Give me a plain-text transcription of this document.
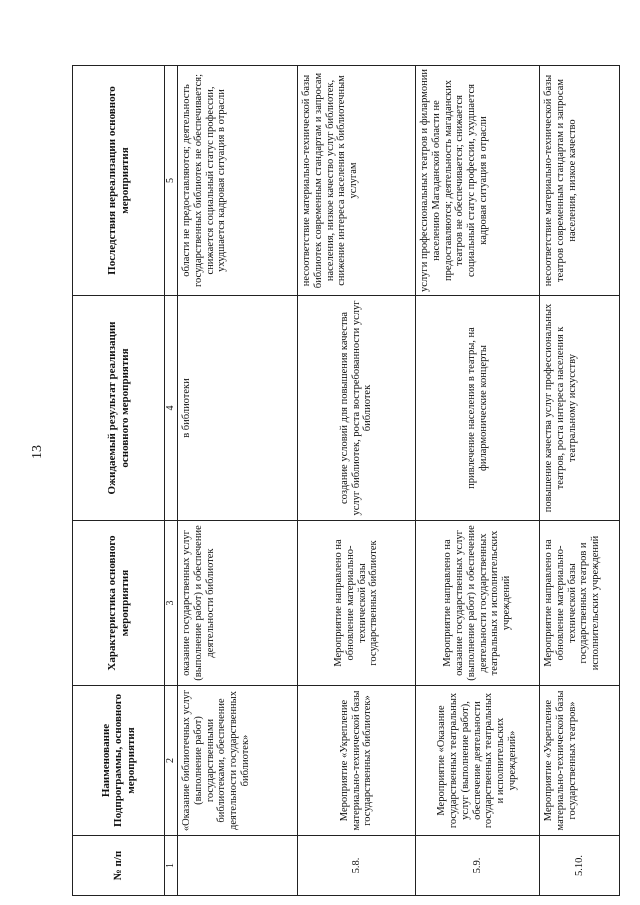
13
№ п/п	Наименование Подпрограммы, основного мероприятия	Характеристика основного мероприятия	Ожидаемый результат реализации основного мероприятия	Последствия нереализации основного мероприятия
1	2	3	4	5
	«Оказание библиотечных услуг (выполнение работ) государственными библиотеками, обеспечение деятельности государственных библиотек»	оказание государственных услуг (выполнение работ) и обеспечение деятельности библиотек	в библиотеки	области не предоставляются; деятельность государственных библиотек не обеспечивается; снижается социальный статус профессии, ухудшается кадровая ситуация в отрасли
5.8.	Мероприятие «Укрепление материально-технической базы государственных библиотек»	Мероприятие направлено на обновление материально-технической базы государственных библиотек	создание условий для повышения качества услуг библиотек, роста востребованности услуг библиотек	несоответствие материально-технической базы библиотек современным стандартам и запросам населения, низкое качество услуг библиотек, снижение интереса населения к библиотечным услугам
5.9.	Мероприятие «Оказание государственных театральных услуг (выполнение работ), обеспечение деятельности государственных театральных и исполнительских учреждений»	Мероприятие направлено на оказание государственных услуг (выполнение работ) и обеспечение деятельности государственных театральных и исполнительских учреждений	привлечение населения в театры, на филармонические концерты	услуги профессиональных театров и филармонии населению Магаданской области не предоставляются; деятельность магаданских театров не обеспечивается; снижается социальный статус профессии, ухудшается кадровая ситуация в отрасли
5.10.	Мероприятие «Укрепление материально-технической базы государственных театров»	Мероприятие направлено на обновление материально-технической базы государственных театров и исполнительских учреждений	повышение качества услуг профессиональных театров, роста интереса населения к театральному искусству	несоответствие материально-технической базы театров современным стандартам и запросам населения, низкое качество
